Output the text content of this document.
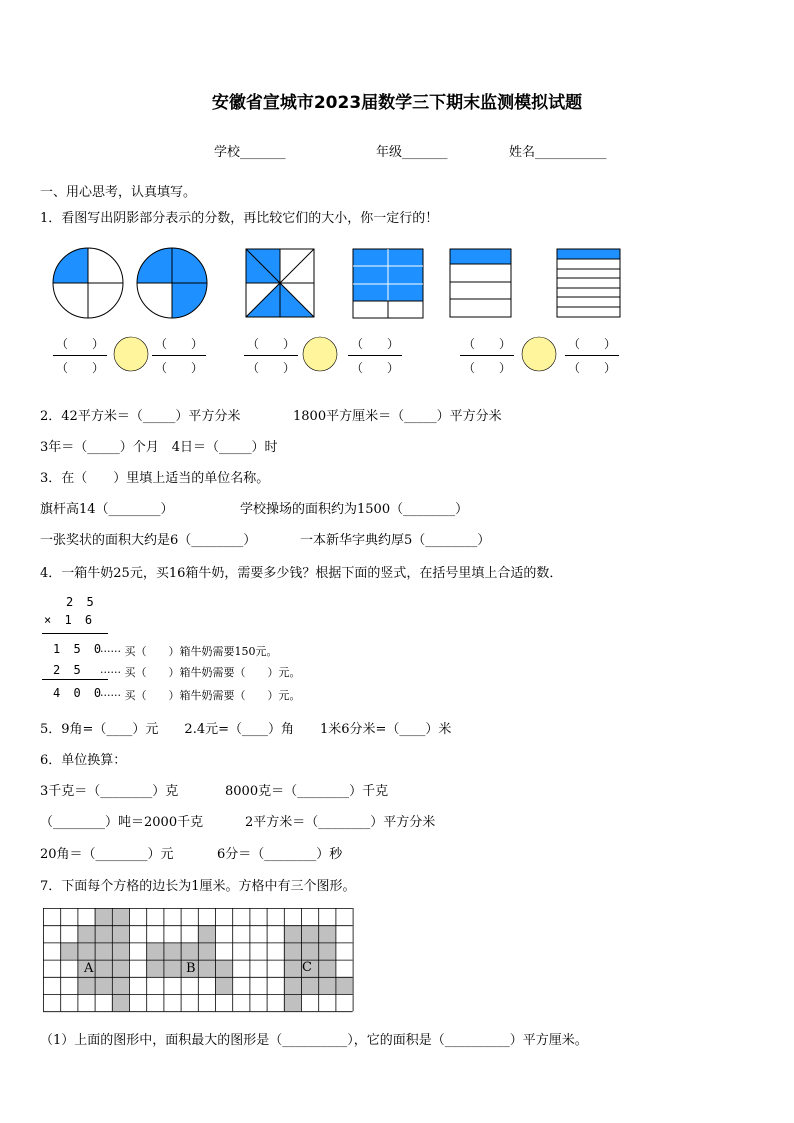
安徽省宣城市2023届数学三下期末监测模拟试题
学校_______	年级_______	姓名___________
一、用心思考，认真填写。
1．看图写出阴影部分表示的分数，再比较它们的大小，你一定行的！
（　　）
（　　）
（　　）
（　　）
（　　）
（　　）
（　　）
（　　）
（　　）
（　　）
（　　）
（　　）
2．42平方米＝（_____）平方分米	1800平方厘米＝（_____）平方分米
3年＝（_____）个月　4日＝（_____）时
3．在（　　）里填上适当的单位名称。
旗杆高14（________）	学校操场的面积约为1500（________）
一张奖状的面积大约是6（________）	一本新华字典约厚5（________）
4．一箱牛奶25元，买16箱牛奶，需要多少钱？根据下面的竖式，在括号里填上合适的数．
2 5
× 1 6
1 5 0
······ 买（　　）箱牛奶需要150元。
2 5 ······ 买（　　）箱牛奶需要（　　）元。
4 0 0
······ 买（　　）箱牛奶需要（　　）元。
5．9角=（____）元　　2.4元=（____）角　　1米6分米=（____）米
6．单位换算：
3千克＝（________）克	8000克＝（________）千克
（________）吨＝2000千克	2平方米＝（________）平方分米
20角＝（________）元	6分＝（________）秒
7．下面每个方格的边长为1厘米。方格中有三个图形。
A	B	C
（1）上面的图形中，面积最大的图形是（__________），它的面积是（__________）平方厘米。
